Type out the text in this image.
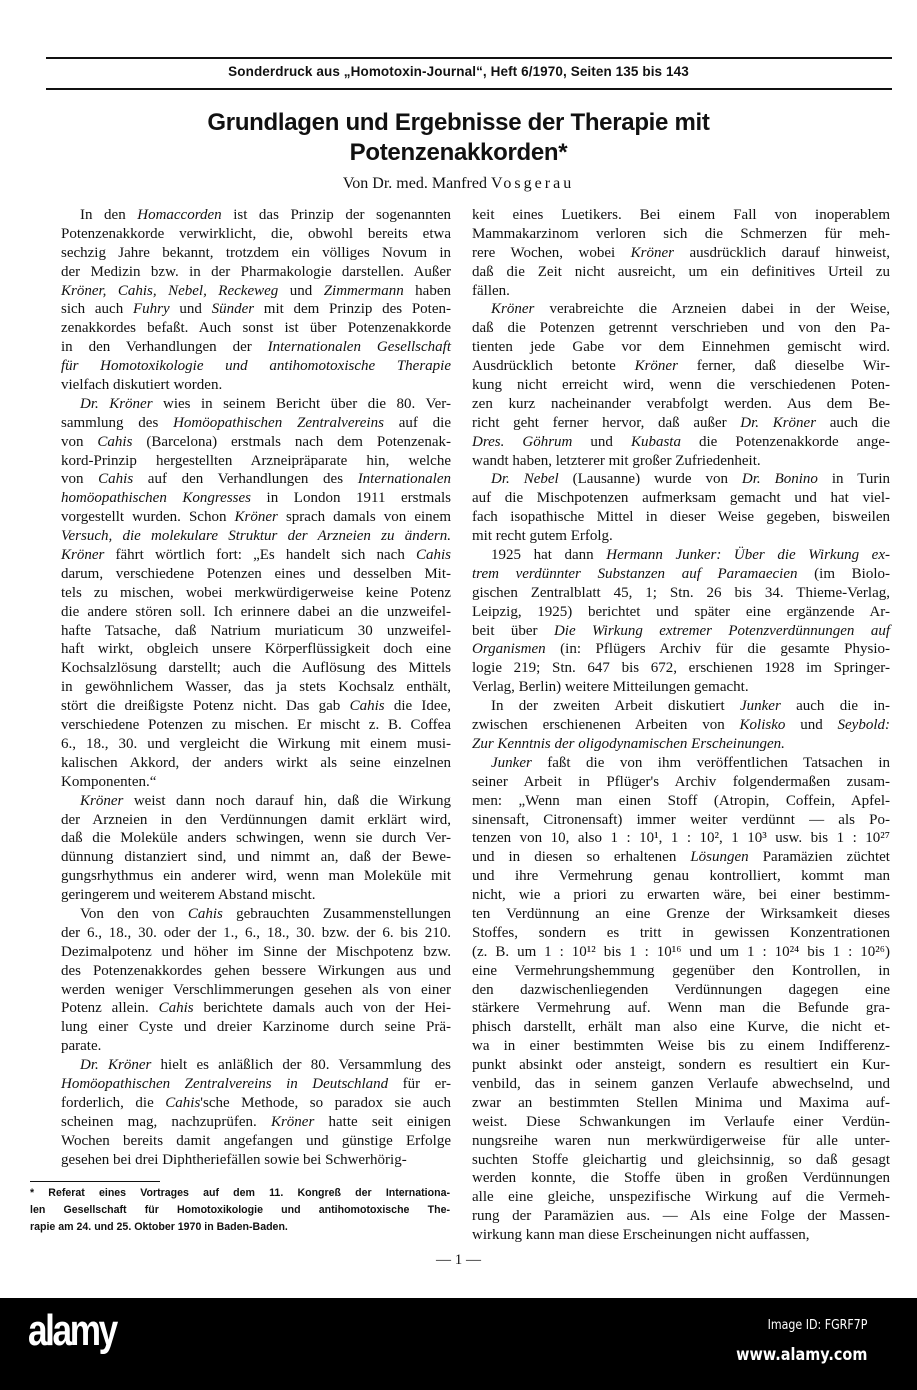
Sonderdruck aus „Homotoxin-Journal“, Heft 6/1970, Seiten 135 bis 143
Grundlagen und Ergebnisse der Therapie mit
Potenzenakkorden*
Von Dr. med. Manfred Vosgerau
In den Homaccorden ist das Prinzip der sogenannten
Potenzenakkorde verwirklicht, die, obwohl bereits etwa
sechzig Jahre bekannt, trotzdem ein völliges Novum in
der Medizin bzw. in der Pharmakologie darstellen. Außer
Kröner, Cahis, Nebel, Reckeweg und Zimmermann haben
sich auch Fuhry und Sünder mit dem Prinzip des Poten-
zenakkordes befaßt. Auch sonst ist über Potenzenakkorde
in den Verhandlungen der Internationalen Gesellschaft
für Homotoxikologie und antihomotoxische Therapie
vielfach diskutiert worden.
Dr. Kröner wies in seinem Bericht über die 80. Ver-
sammlung des Homöopathischen Zentralvereins auf die
von Cahis (Barcelona) erstmals nach dem Potenzenak-
kord-Prinzip hergestellten Arzneipräparate hin, welche
von Cahis auf den Verhandlungen des Internationalen
homöopathischen Kongresses in London 1911 erstmals
vorgestellt wurden. Schon Kröner sprach damals von einem
Versuch, die molekulare Struktur der Arzneien zu ändern.
Kröner fährt wörtlich fort: „Es handelt sich nach Cahis
darum, verschiedene Potenzen eines und desselben Mit-
tels zu mischen, wobei merkwürdigerweise keine Potenz
die andere stören soll. Ich erinnere dabei an die unzweifel-
hafte Tatsache, daß Natrium muriaticum 30 unzweifel-
haft wirkt, obgleich unsere Körperflüssigkeit doch eine
Kochsalzlösung darstellt; auch die Auflösung des Mittels
in gewöhnlichem Wasser, das ja stets Kochsalz enthält,
stört die dreißigste Potenz nicht. Das gab Cahis die Idee,
verschiedene Potenzen zu mischen. Er mischt z. B. Coffea
6., 18., 30. und vergleicht die Wirkung mit einem musi-
kalischen Akkord, der anders wirkt als seine einzelnen
Komponenten.“
Kröner weist dann noch darauf hin, daß die Wirkung
der Arzneien in den Verdünnungen damit erklärt wird,
daß die Moleküle anders schwingen, wenn sie durch Ver-
dünnung distanziert sind, und nimmt an, daß der Bewe-
gungsrhythmus ein anderer wird, wenn man Moleküle mit
geringerem und weiterem Abstand mischt.
Von den von Cahis gebrauchten Zusammenstellungen
der 6., 18., 30. oder der 1., 6., 18., 30. bzw. der 6. bis 210.
Dezimalpotenz und höher im Sinne der Mischpotenz bzw.
des Potenzenakkordes gehen bessere Wirkungen aus und
werden weniger Verschlimmerungen gesehen als von einer
Potenz allein. Cahis berichtete damals auch von der Hei-
lung einer Cyste und dreier Karzinome durch seine Prä-
parate.
Dr. Kröner hielt es anläßlich der 80. Versammlung des
Homöopathischen Zentralvereins in Deutschland für er-
forderlich, die Cahis'sche Methode, so paradox sie auch
scheinen mag, nachzuprüfen. Kröner hatte seit einigen
Wochen bereits damit angefangen und günstige Erfolge
gesehen bei drei Diphtheriefällen sowie bei Schwerhörig-
keit eines Luetikers. Bei einem Fall von inoperablem
Mammakarzinom verloren sich die Schmerzen für meh-
rere Wochen, wobei Kröner ausdrücklich darauf hinweist,
daß die Zeit nicht ausreicht, um ein definitives Urteil zu
fällen.
Kröner verabreichte die Arzneien dabei in der Weise,
daß die Potenzen getrennt verschrieben und von den Pa-
tienten jede Gabe vor dem Einnehmen gemischt wird.
Ausdrücklich betonte Kröner ferner, daß dieselbe Wir-
kung nicht erreicht wird, wenn die verschiedenen Poten-
zen kurz nacheinander verabfolgt werden. Aus dem Be-
richt geht ferner hervor, daß außer Dr. Kröner auch die
Dres. Göhrum und Kubasta die Potenzenakkorde ange-
wandt haben, letzterer mit großer Zufriedenheit.
Dr. Nebel (Lausanne) wurde von Dr. Bonino in Turin
auf die Mischpotenzen aufmerksam gemacht und hat viel-
fach isopathische Mittel in dieser Weise gegeben, bisweilen
mit recht gutem Erfolg.
1925 hat dann Hermann Junker: Über die Wirkung ex-
trem verdünnter Substanzen auf Paramaecien (im Biolo-
gischen Zentralblatt 45, 1; Stn. 26 bis 34. Thieme-Verlag,
Leipzig, 1925) berichtet und später eine ergänzende Ar-
beit über Die Wirkung extremer Potenzverdünnungen auf
Organismen (in: Pflügers Archiv für die gesamte Physio-
logie 219; Stn. 647 bis 672, erschienen 1928 im Springer-
Verlag, Berlin) weitere Mitteilungen gemacht.
In der zweiten Arbeit diskutiert Junker auch die in-
zwischen erschienenen Arbeiten von Kolisko und Seybold:
Zur Kenntnis der oligodynamischen Erscheinungen.
Junker faßt die von ihm veröffentlichen Tatsachen in
seiner Arbeit in Pflüger's Archiv folgendermaßen zusam-
men: „Wenn man einen Stoff (Atropin, Coffein, Apfel-
sinensaft, Citronensaft) immer weiter verdünnt — als Po-
tenzen von 10, also 1 : 10¹, 1 : 10², 1 10³ usw. bis 1 : 10²⁷
und in diesen so erhaltenen Lösungen Paramäzien züchtet
und ihre Vermehrung genau kontrolliert, kommt man
nicht, wie a priori zu erwarten wäre, bei einer bestimm-
ten Verdünnung an eine Grenze der Wirksamkeit dieses
Stoffes, sondern es tritt in gewissen Konzentrationen
(z. B. um 1 : 10¹² bis 1 : 10¹⁶ und um 1 : 10²⁴ bis 1 : 10²⁶)
eine Vermehrungshemmung gegenüber den Kontrollen, in
den dazwischenliegenden Verdünnungen dagegen eine
stärkere Vermehrung auf. Wenn man die Befunde gra-
phisch darstellt, erhält man also eine Kurve, die nicht et-
wa in einer bestimmten Weise bis zu einem Indifferenz-
punkt absinkt oder ansteigt, sondern es resultiert ein Kur-
venbild, das in seinem ganzen Verlaufe abwechselnd, und
zwar an bestimmten Stellen Minima und Maxima auf-
weist. Diese Schwankungen im Verlaufe einer Verdün-
nungsreihe waren nun merkwürdigerweise für alle unter-
suchten Stoffe gleichartig und gleichsinnig, so daß gesagt
werden konnte, die Stoffe üben in großen Verdünnungen
alle eine gleiche, unspezifische Wirkung auf die Vermeh-
rung der Paramäzien aus. — Als eine Folge der Massen-
wirkung kann man diese Erscheinungen nicht auffassen,
* Referat eines Vortrages auf dem 11. Kongreß der Internationa-
len Gesellschaft für Homotoxikologie und antihomotoxische The-
rapie am 24. und 25. Oktober 1970 in Baden-Baden.
— 1 —
alamy	Image ID: FGRF7P
www.alamy.com
